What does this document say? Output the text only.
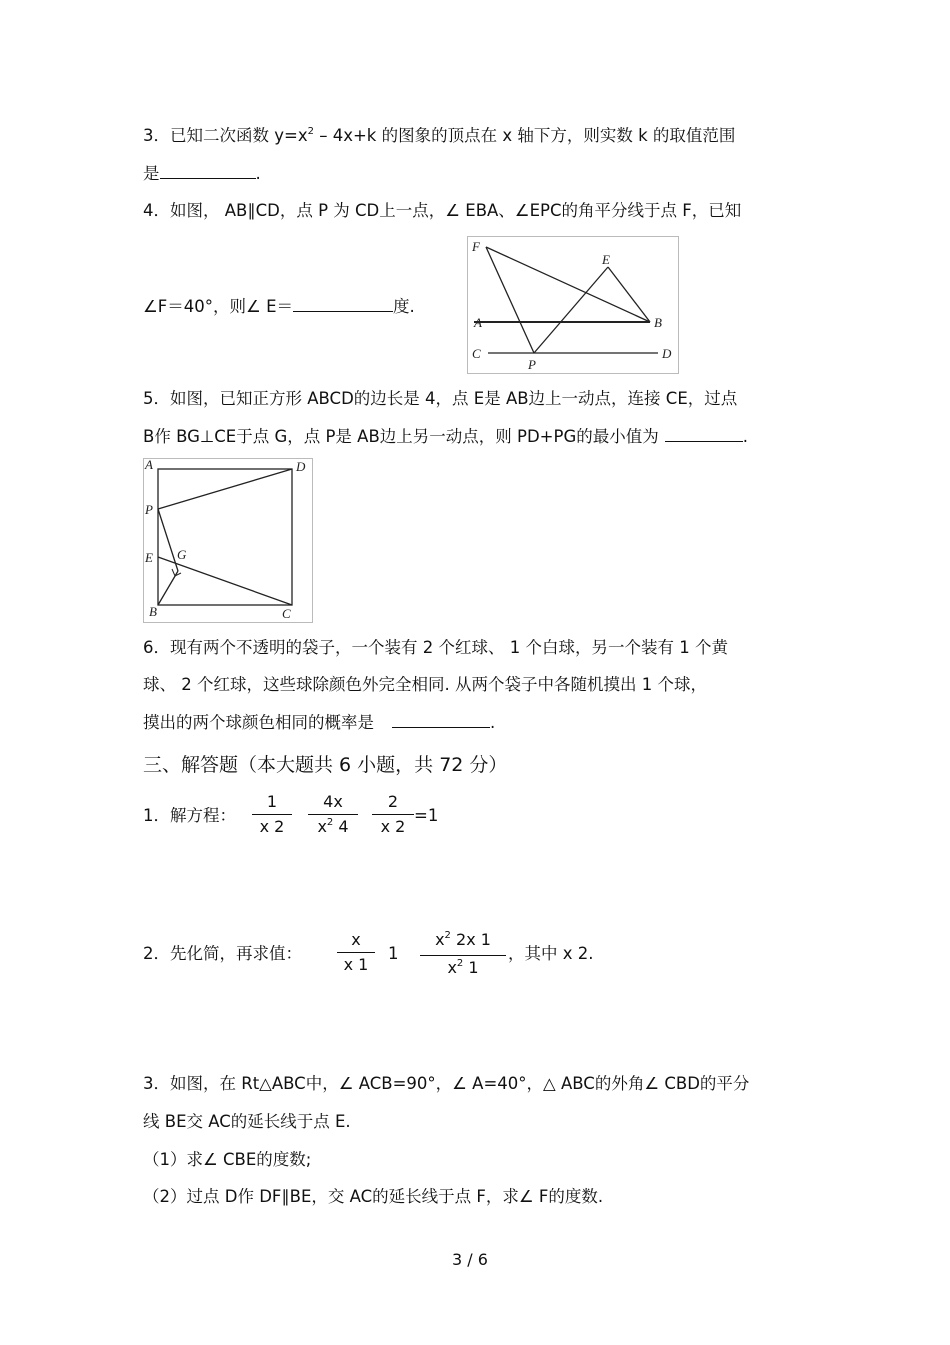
3．已知二次函数 $y=x^2 - 4x+k$ 的图象的顶点在 x 轴下方，则实数 k 的取值范围
是	.
4．如图， AB∥CD，点 P 为 CD上一点，∠ EBA、∠EPC的角平分线于点 F，已知
∠F＝40°，则∠ E＝	度.
F
E
A	B
C
P
D
5．如图，已知正方形 ABCD的边长是 4，点 E是 AB边上一动点，连接 CE，过点
B作 BG⊥CE于点 G，点 P是 AB边上另一动点，则 PD+PG的最小值为	.
A	D
P
E G
B	C
6．现有两个不透明的袋子，一个装有 2 个红球、 1 个白球，另一个装有 1 个黄
球、 2 个红球，这些球除颜色外完全相同. 从两个袋子中各随机摸出 1 个球，
摸出的两个球颜色相同的概率是	.
三、解答题（本大题共 6 小题，共 72 分）
1．解方程：
1
x 2
4x
$x^2$ 4
2
x 2
=1
2．先化简，再求值：
x
x 1
1
$x^2$ 2x 1
$x^2$ 1
，其中 x 2.
3．如图，在 Rt△ABC中，∠ ACB=90°，∠ A=40°，△ ABC的外角∠ CBD的平分
线 BE交 AC的延长线于点 E.
（1）求∠ CBE的度数;
（2）过点 D作 DF∥BE，交 AC的延长线于点 F，求∠ F的度数.
3 / 6
